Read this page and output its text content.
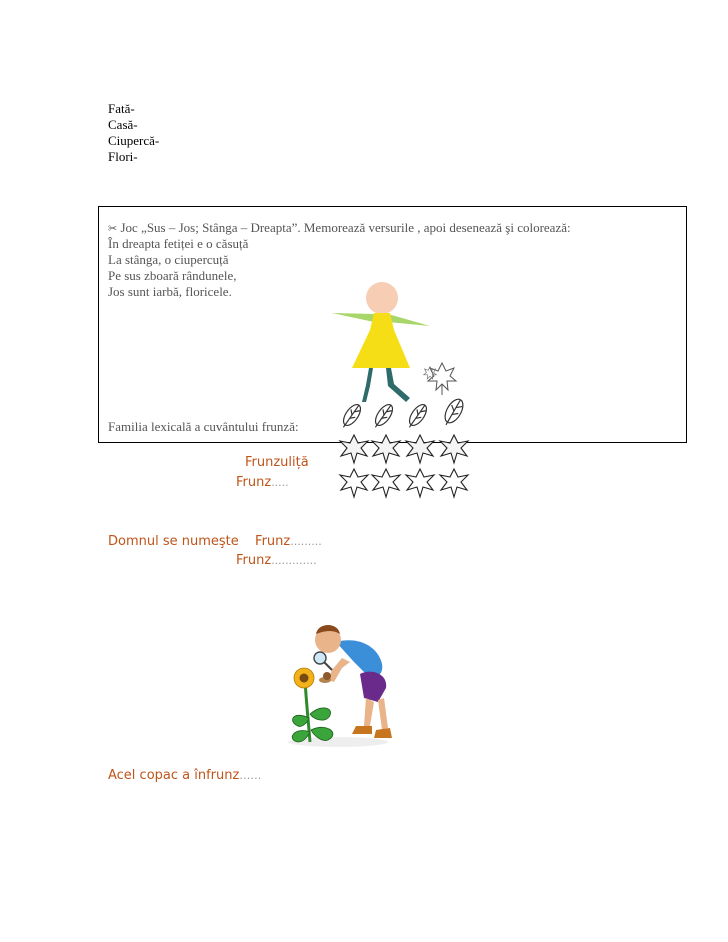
Fată-
Casă-
Ciupercă-
Flori-
✂ Joc „Sus – Jos; Stânga – Dreapta”. Memorează versurile , apoi desenează şi colorează:
În dreapta fetiței e o căsuță
La stânga, o ciupercuță
Pe sus zboară rândunele,
Jos sunt iarbă, floricele.
Familia lexicală a cuvântului frunză:
Frunzuliță
Frunz.....
Domnul se numeşte Frunz.........
Frunz.............
Acel copac a înfrunz……
